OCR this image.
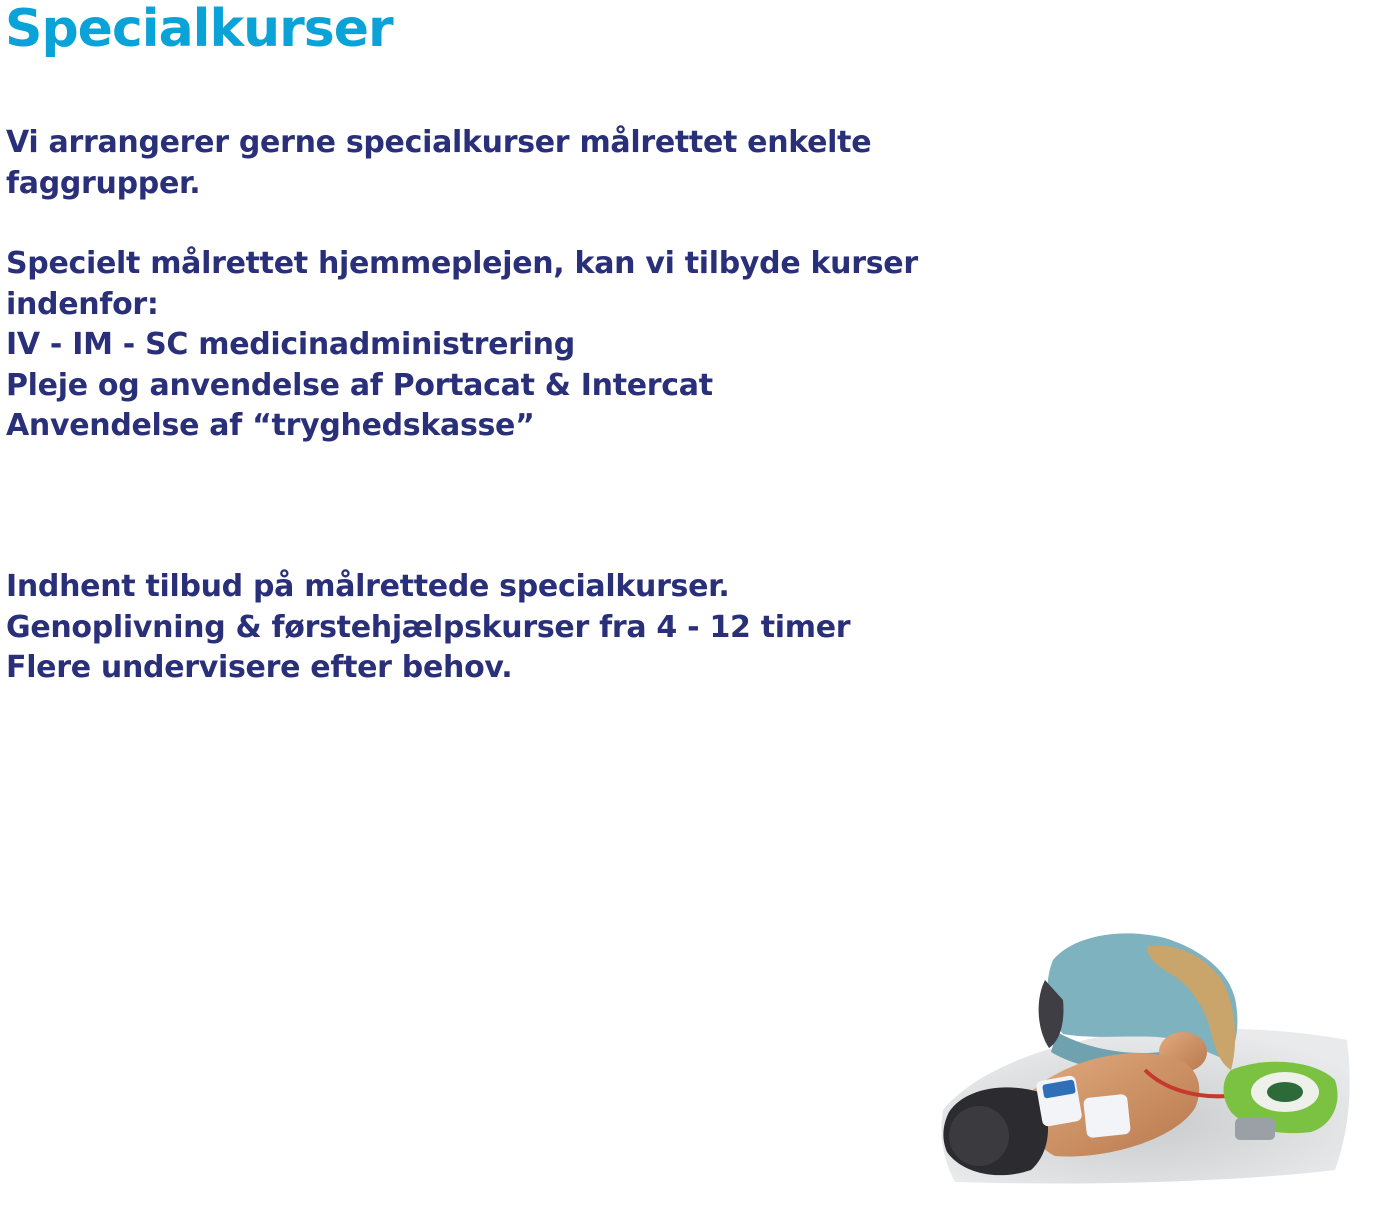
Specialkurser
Vi arrangerer gerne specialkurser målrettet enkelte
faggrupper.
Specielt målrettet hjemmeplejen, kan vi tilbyde kurser
indenfor:
IV - IM - SC medicinadministrering
Pleje og anvendelse af Portacat & Intercat
Anvendelse af “tryghedskasse”
Indhent tilbud på målrettede specialkurser.
Genoplivning & førstehjælpskurser fra 4 - 12 timer
Flere undervisere efter behov.
